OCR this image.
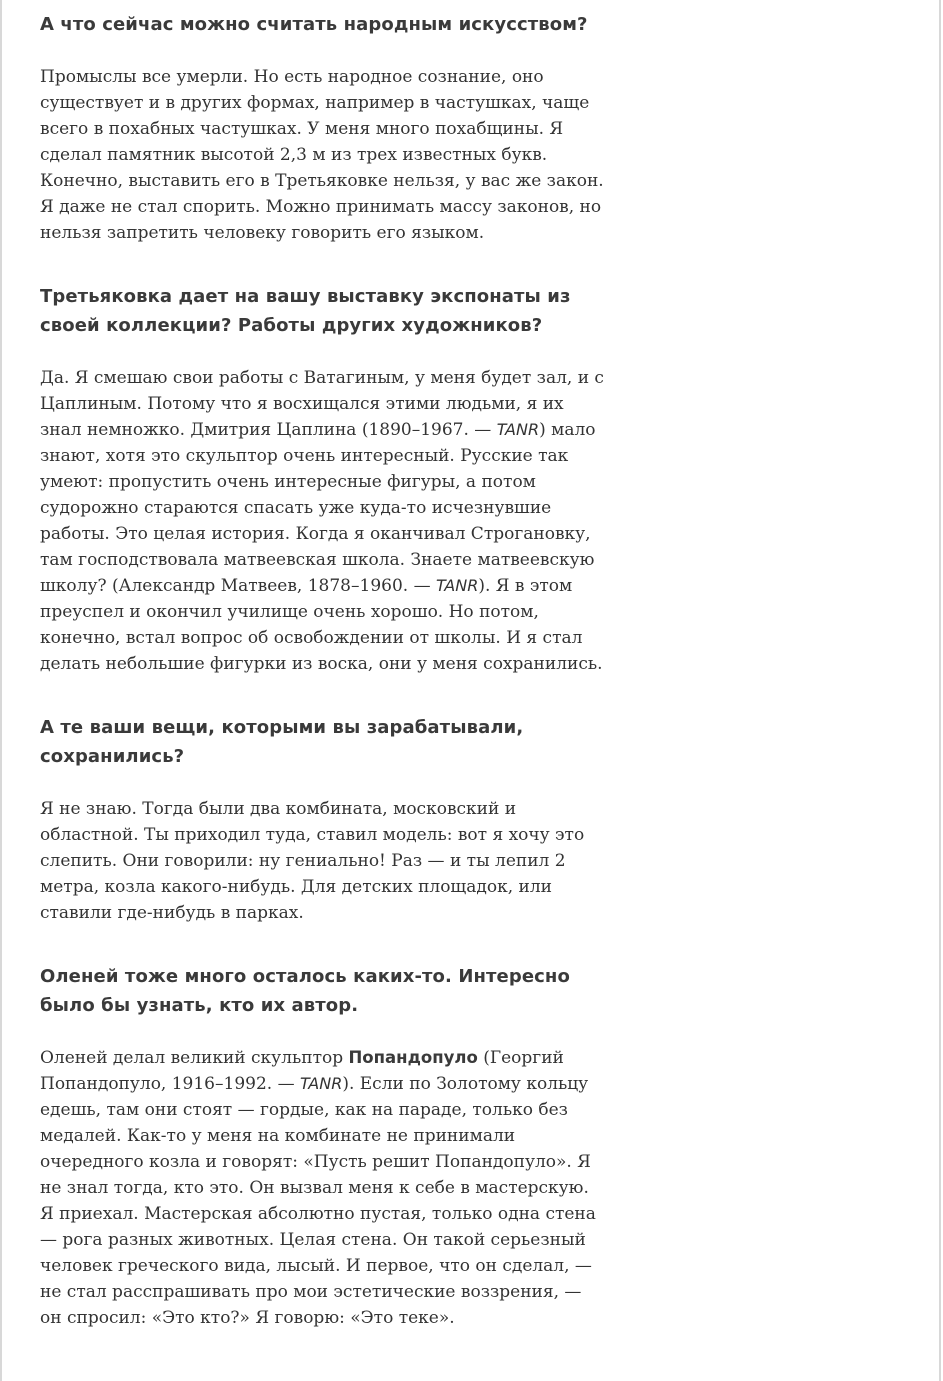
А что сейчас можно считать народным искусством?

Промыслы все умерли. Но есть народное сознание, оно существует и в других формах, например в частушках, чаще всего в похабных частушках. У меня много похабщины. Я сделал памятник высотой 2,3 м из трех известных букв. Конечно, выставить его в Третьяковке нельзя, у вас же закон. Я даже не стал спорить. Можно принимать массу законов, но нельзя запретить человеку говорить его языком.

Третьяковка дает на вашу выставку экспонаты из своей коллекции? Работы других художников?

Да. Я смешаю свои работы с Ватагиным, у меня будет зал, и с Цаплиным. Потому что я восхищался этими людьми, я их знал немножко. Дмитрия Цаплина (1890–1967. — TANR) мало знают, хотя это скульптор очень интересный. Русские так умеют: пропустить очень интересные фигуры, а потом судорожно стараются спасать уже куда-то исчезнувшие работы. Это целая история. Когда я оканчивал Строгановку, там господствовала матвеевская школа. Знаете матвеевскую школу? (Александр Матвеев, 1878–1960. — TANR). Я в этом преуспел и окончил училище очень хорошо. Но потом, конечно, встал вопрос об освобождении от школы. И я стал делать небольшие фигурки из воска, они у меня сохранились.

А те ваши вещи, которыми вы зарабатывали, сохранились?

Я не знаю. Тогда были два комбината, московский и областной. Ты приходил туда, ставил модель: вот я хочу это слепить. Они говорили: ну гениально! Раз — и ты лепил 2 метра, козла какого-нибудь. Для детских площадок, или ставили где-нибудь в парках.

Оленей тоже много осталось каких-то. Интересно было бы узнать, кто их автор.

Оленей делал великий скульптор Попандопуло (Георгий Попандопуло, 1916–1992. — TANR). Если по Золотому кольцу едешь, там они стоят — гордые, как на параде, только без медалей. Как-то у меня на комбинате не принимали очередного козла и говорят: «Пусть решит Попандопуло». Я не знал тогда, кто это. Он вызвал меня к себе в мастерскую. Я приехал. Мастерская абсолютно пустая, только одна стена — рога разных животных. Целая стена. Он такой серьезный человек греческого вида, лысый. И первое, что он сделал, — не стал расспрашивать про мои эстетические воззрения, — он спросил: «Это кто?» Я говорю: «Это теке».
